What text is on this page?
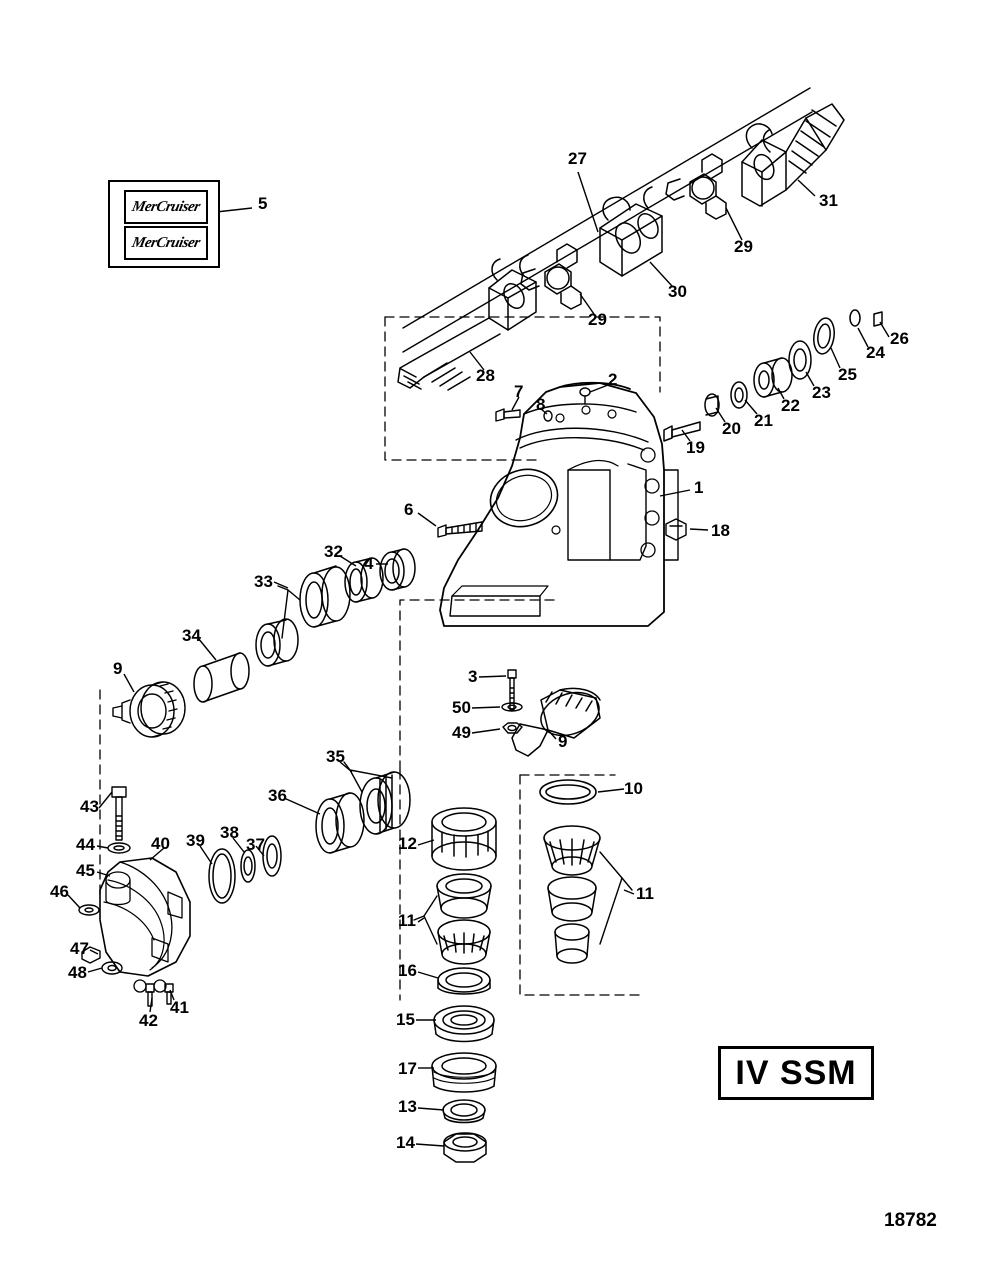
MerCruiser
MerCruiser
5
27
31
29
30
29
28
26
24
25
23
22
21
20
19
2
7
8
1
18
6
4
32
33
34
9	3
50
49	9
10
35
36
37
38
39
40
43
44
45
46
47
48
41
42
12
11
11
16
15
17
13
14
IV SSM
18782
